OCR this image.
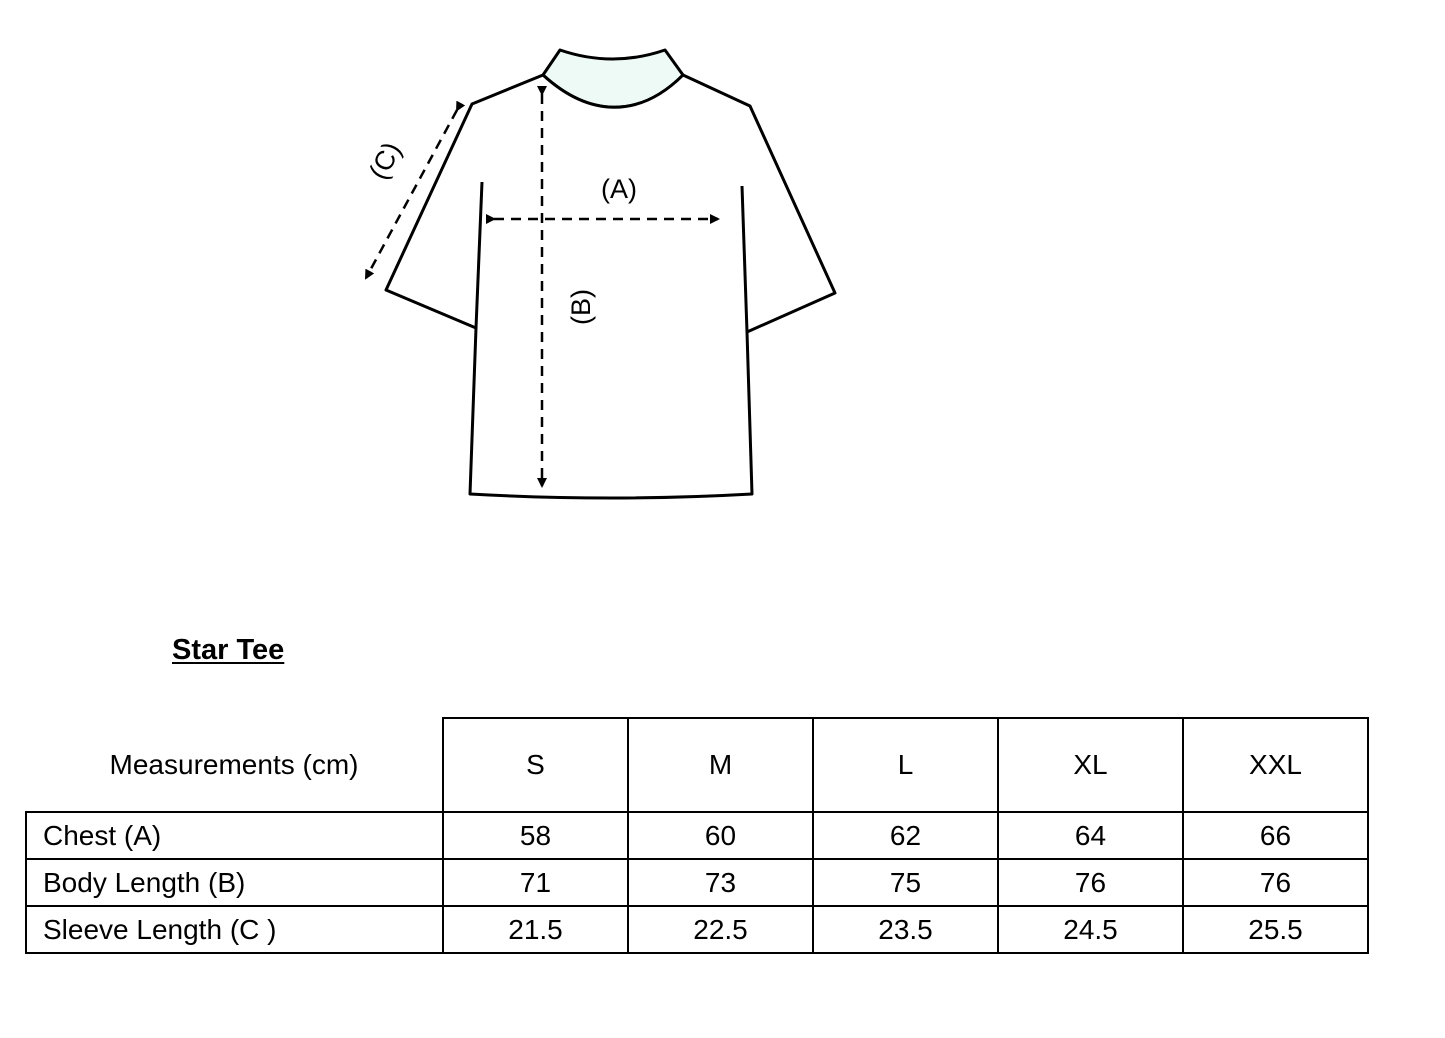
(A)
(B)
(C)
Star Tee
Measurements (cm)	S	M	L	XL	XXL
Chest (A)	58	60	62	64	66
Body Length (B)	71	73	75	76	76
Sleeve Length (C )	21.5	22.5	23.5	24.5	25.5
